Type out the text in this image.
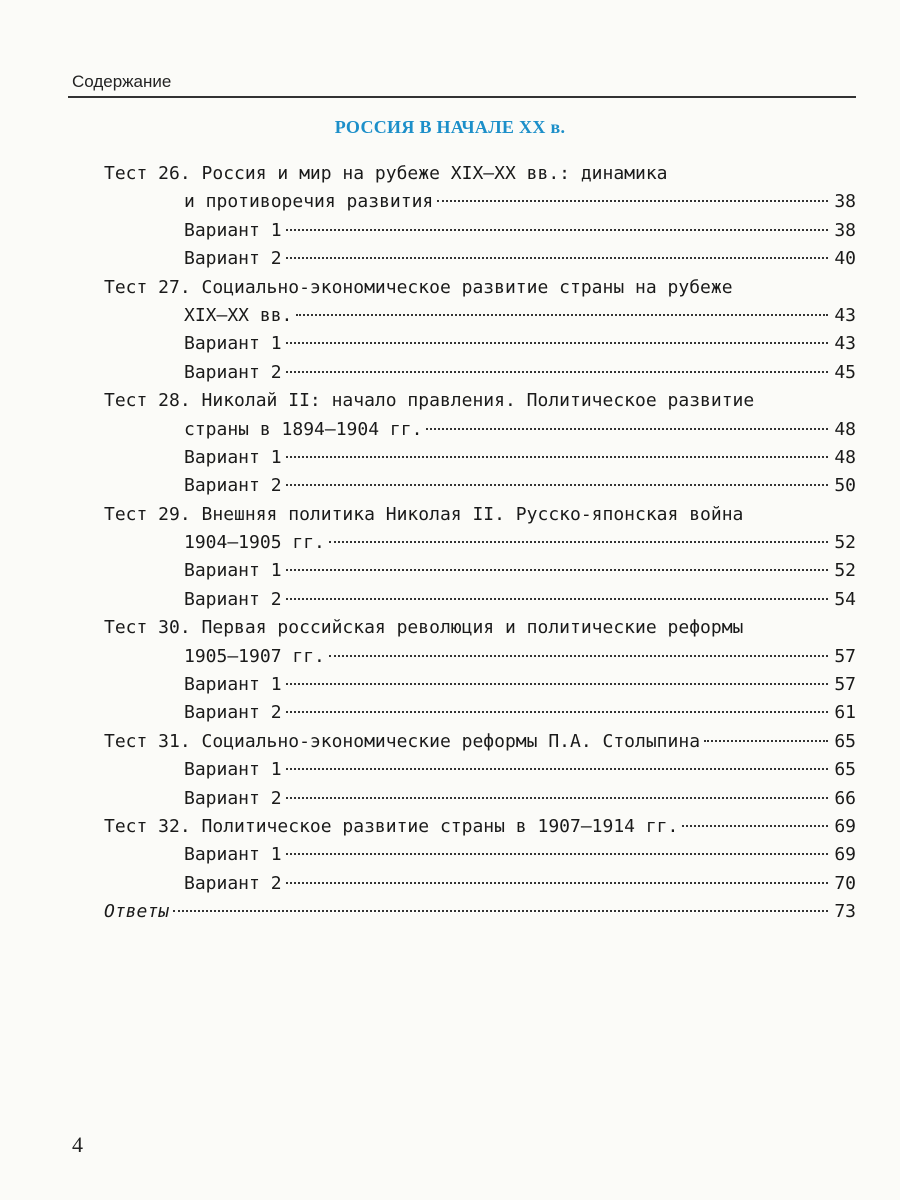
Содержание
РОССИЯ В НАЧАЛЕ XX в.
Тест 26. Россия и мир на рубеже XIX–XX вв.: динамика
и противоречия развития	38
Вариант 1	38
Вариант 2	40
Тест 27. Социально-экономическое развитие страны на рубеже
XIX–XX вв.	43
Вариант 1	43
Вариант 2	45
Тест 28. Николай II: начало правления. Политическое развитие
страны в 1894–1904 гг.	48
Вариант 1	48
Вариант 2	50
Тест 29. Внешняя политика Николая II. Русско-японская война
1904–1905 гг.	52
Вариант 1	52
Вариант 2	54
Тест 30. Первая российская революция и политические реформы
1905–1907 гг.	57
Вариант 1	57
Вариант 2	61
Тест 31. Социально-экономические реформы П.А. Столыпина	65
Вариант 1	65
Вариант 2	66
Тест 32. Политическое развитие страны в 1907–1914 гг.	69
Вариант 1	69
Вариант 2	70
Ответы	73
4
